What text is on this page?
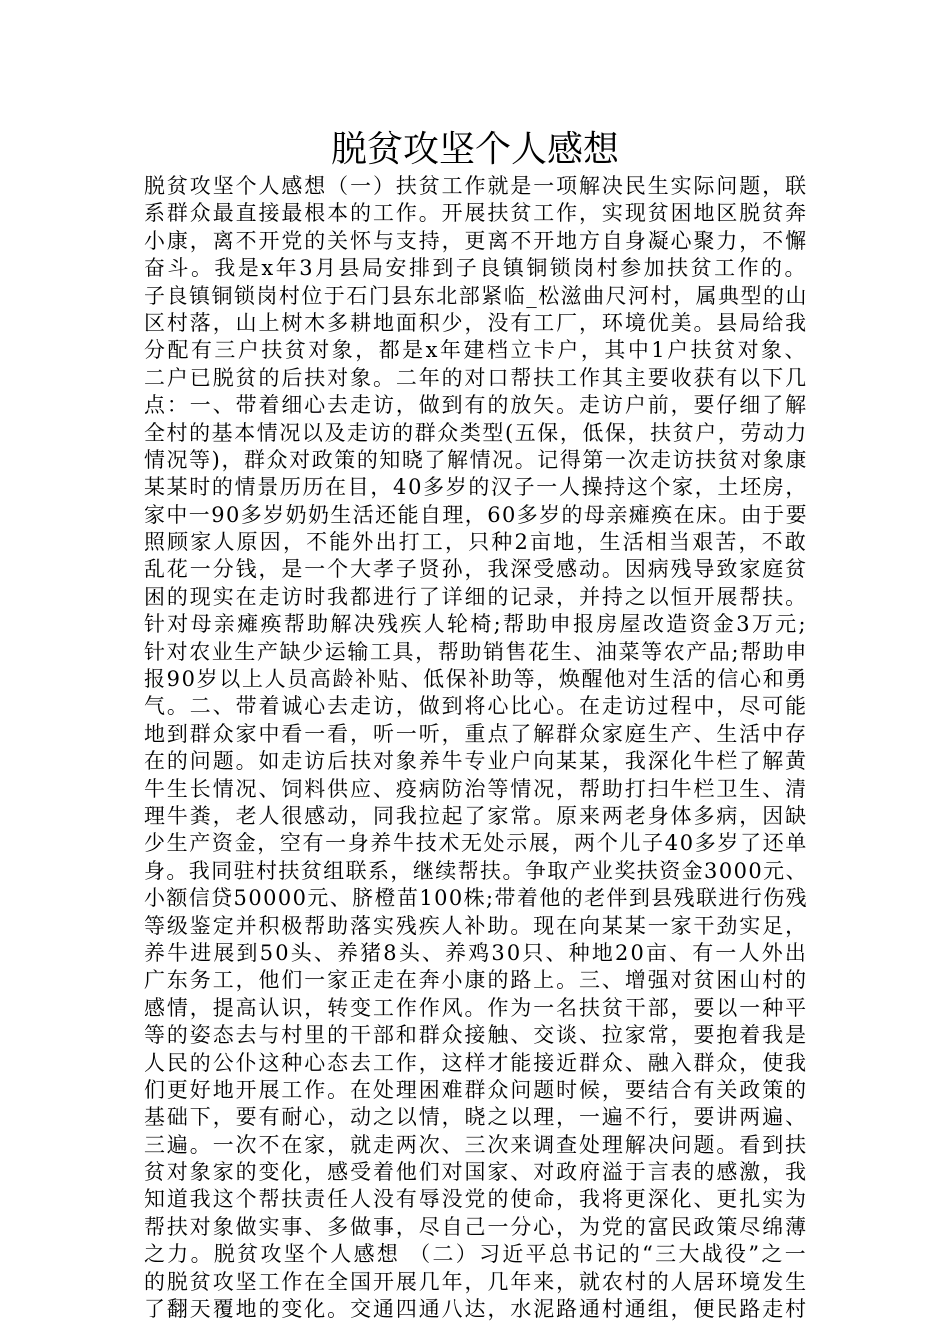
脱贫攻坚个人感想
脱贫攻坚个人感想（一）扶贫工作就是一项解决民生实际问题，联
系群众最直接最根本的工作。开展扶贫工作，实现贫困地区脱贫奔
小康，离不开党的关怀与支持，更离不开地方自身凝心聚力，不懈
奋斗。我是x年3月县局安排到子良镇铜锁岗村参加扶贫工作的。
子良镇铜锁岗村位于石门县东北部紧临_松滋曲尺河村，属典型的山
区村落，山上树木多耕地面积少，没有工厂，环境优美。县局给我
分配有三户扶贫对象，都是x年建档立卡户，其中1户扶贫对象、
二户已脱贫的后扶对象。二年的对口帮扶工作其主要收获有以下几
点：一、带着细心去走访，做到有的放矢。走访户前，要仔细了解
全村的基本情况以及走访的群众类型(五保，低保，扶贫户，劳动力
情况等)，群众对政策的知晓了解情况。记得第一次走访扶贫对象康
某某时的情景历历在目，40多岁的汉子一人操持这个家，土坯房，
家中一90多岁奶奶生活还能自理，60多岁的母亲瘫痪在床。由于要
照顾家人原因，不能外出打工，只种2亩地，生活相当艰苦，不敢
乱花一分钱，是一个大孝子贤孙，我深受感动。因病残导致家庭贫
困的现实在走访时我都进行了详细的记录，并持之以恒开展帮扶。
针对母亲瘫痪帮助解决残疾人轮椅;帮助申报房屋改造资金3万元;
针对农业生产缺少运输工具，帮助销售花生、油菜等农产品;帮助申
报90岁以上人员高龄补贴、低保补助等，焕醒他对生活的信心和勇
气。二、带着诚心去走访，做到将心比心。在走访过程中，尽可能
地到群众家中看一看，听一听，重点了解群众家庭生产、生活中存
在的问题。如走访后扶对象养牛专业户向某某，我深化牛栏了解黄
牛生长情况、饲料供应、疫病防治等情况，帮助打扫牛栏卫生、清
理牛粪，老人很感动，同我拉起了家常。原来两老身体多病，因缺
少生产资金，空有一身养牛技术无处示展，两个儿子40多岁了还单
身。我同驻村扶贫组联系，继续帮扶。争取产业奖扶资金3000元、
小额信贷50000元、脐橙苗100株;带着他的老伴到县残联进行伤残
等级鉴定并积极帮助落实残疾人补助。现在向某某一家干劲实足，
养牛进展到50头、养猪8头、养鸡30只、种地20亩、有一人外出
广东务工，他们一家正走在奔小康的路上。三、增强对贫困山村的
感情，提高认识，转变工作作风。作为一名扶贫干部，要以一种平
等的姿态去与村里的干部和群众接触、交谈、拉家常，要抱着我是
人民的公仆这种心态去工作，这样才能接近群众、融入群众，使我
们更好地开展工作。在处理困难群众问题时候，要结合有关政策的
基础下，要有耐心，动之以情，晓之以理，一遍不行，要讲两遍、
三遍。一次不在家，就走两次、三次来调查处理解决问题。看到扶
贫对象家的变化，感受着他们对国家、对政府溢于言表的感激，我
知道我这个帮扶责任人没有辱没党的使命，我将更深化、更扎实为
帮扶对象做实事、多做事，尽自己一分心，为党的富民政策尽绵薄
之力。脱贫攻坚个人感想 （二）习近平总书记的“三大战役”之一
的脱贫攻坚工作在全国开展几年，几年来，就农村的人居环境发生
了翻天覆地的变化。交通四通八达，水泥路通村通组，便民路走村
